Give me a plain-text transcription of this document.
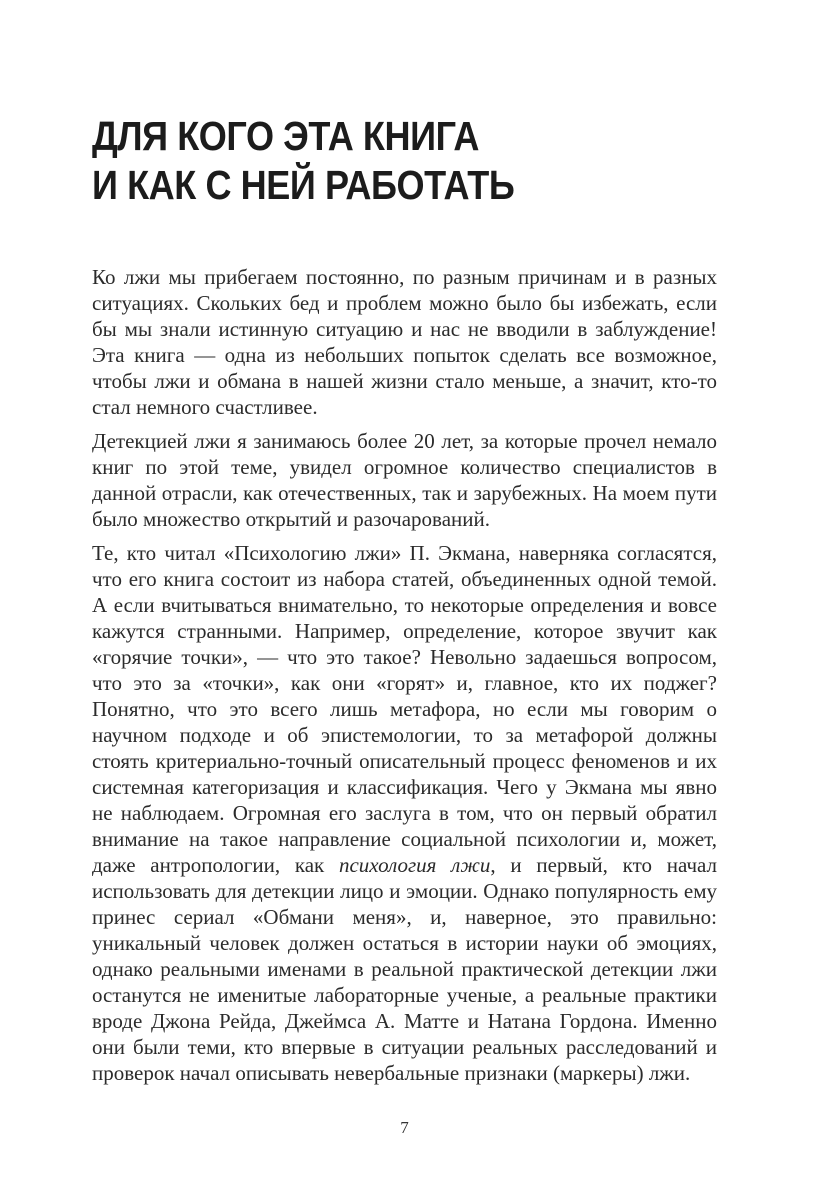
ДЛЯ КОГО ЭТА КНИГА
И КАК С НЕЙ РАБОТАТЬ

Ко лжи мы прибегаем постоянно, по разным причинам и в разных ситуациях. Скольких бед и проблем можно было бы избежать, если бы мы знали истинную ситуацию и нас не вводили в заблуждение! Эта книга — одна из небольших попыток сделать все возможное, чтобы лжи и обмана в нашей жизни стало меньше, а значит, кто-то стал немного счастливее.

Детекцией лжи я занимаюсь более 20 лет, за которые прочел немало книг по этой теме, увидел огромное количество специалистов в данной отрасли, как отечественных, так и зарубежных. На моем пути было множество открытий и разочарований.

Те, кто читал «Психологию лжи» П. Экмана, наверняка согласятся, что его книга состоит из набора статей, объединенных одной темой. А если вчитываться внимательно, то некоторые определения и вовсе кажутся странными. Например, определение, которое звучит как «горячие точки», — что это такое? Невольно задаешься вопросом, что это за «точки», как они «горят» и, главное, кто их поджег? Понятно, что это всего лишь метафора, но если мы говорим о научном подходе и об эпистемологии, то за метафорой должны стоять критериально-точный описательный процесс феноменов и их системная категоризация и классификация. Чего у Экмана мы явно не наблюдаем. Огромная его заслуга в том, что он первый обратил внимание на такое направление социальной психологии и, может, даже антропологии, как психология лжи, и первый, кто начал использовать для детекции лицо и эмоции. Однако популярность ему принес сериал «Обмани меня», и, наверное, это правильно: уникальный человек должен остаться в истории науки об эмоциях, однако реальными именами в реальной практической детекции лжи останутся не именитые лабораторные ученые, а реальные практики вроде Джона Рейда, Джеймса А. Матте и Натана Гордона. Именно они были теми, кто впервые в ситуации реальных расследований и проверок начал описывать невербальные признаки (маркеры) лжи.

7
